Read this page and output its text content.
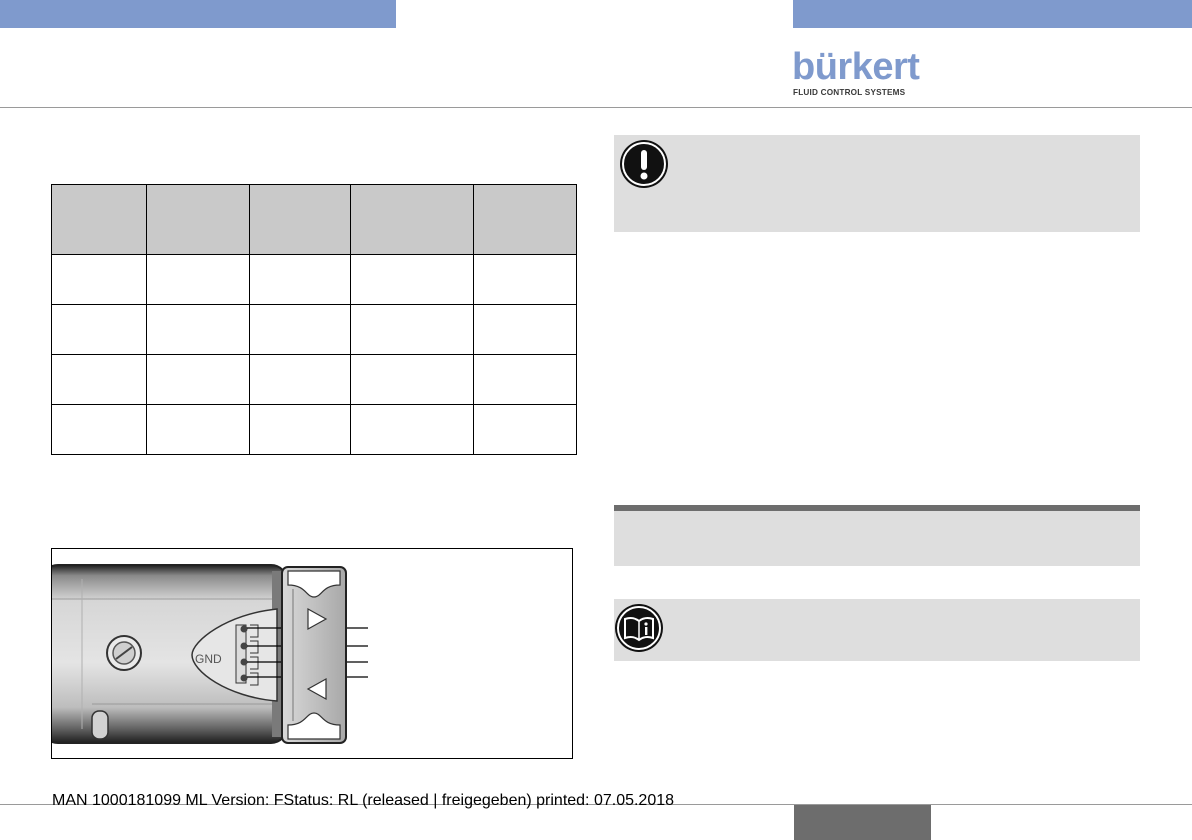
bürkert
FLUID CONTROL SYSTEMS

GND
MAN 1000181099 ML Version: FStatus: RL (released | freigegeben) printed: 07.05.2018
